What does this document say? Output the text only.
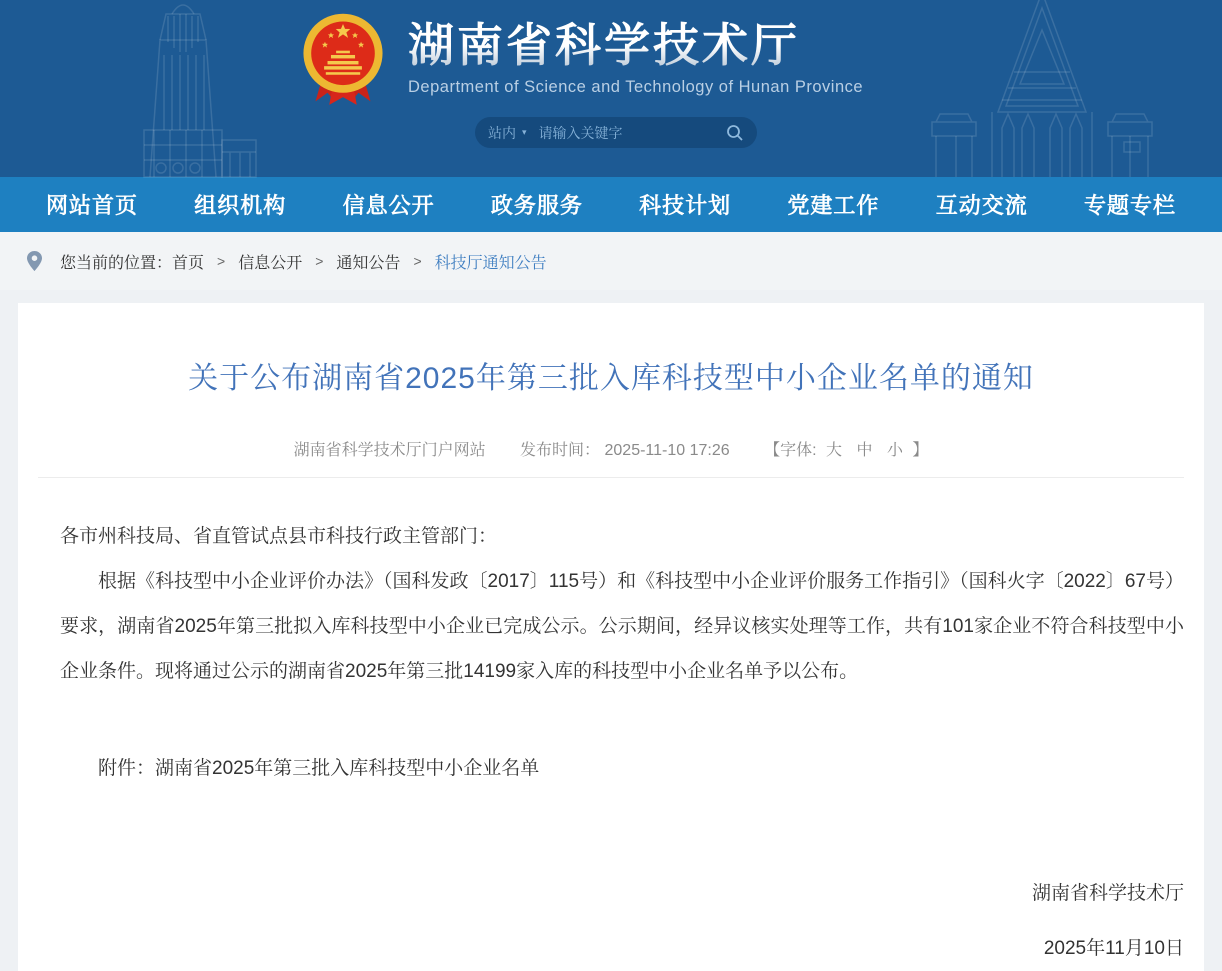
湖南省科学技术厅
Department of Science and Technology of Hunan Province
站内 ▾
请输入关键字
网站首页	组织机构	信息公开	政务服务	科技计划	党建工作	互动交流	专题专栏
您当前的位置： 首页 > 信息公开 > 通知公告 > 科技厅通知公告
关于公布湖南省2025年第三批入库科技型中小企业名单的通知
湖南省科学技术厅门户网站 发布时间： 2025-11-10 17:26 【字体: 大 中 小 】

各市州科技局、省直管试点县市科技行政主管部门：

根据《科技型中小企业评价办法》（国科发政〔2017〕115号）和《科技型中小企业评价服务工作指引》（国科火字〔2022〕67号）要求，湖南省2025年第三批拟入库科技型中小企业已完成公示。公示期间，经异议核实处理等工作，共有101家企业不符合科技型中小企业条件。现将通过公示的湖南省2025年第三批14199家入库的科技型中小企业名单予以公布。

附件：湖南省2025年第三批入库科技型中小企业名单

湖南省科学技术厅

2025年11月10日
